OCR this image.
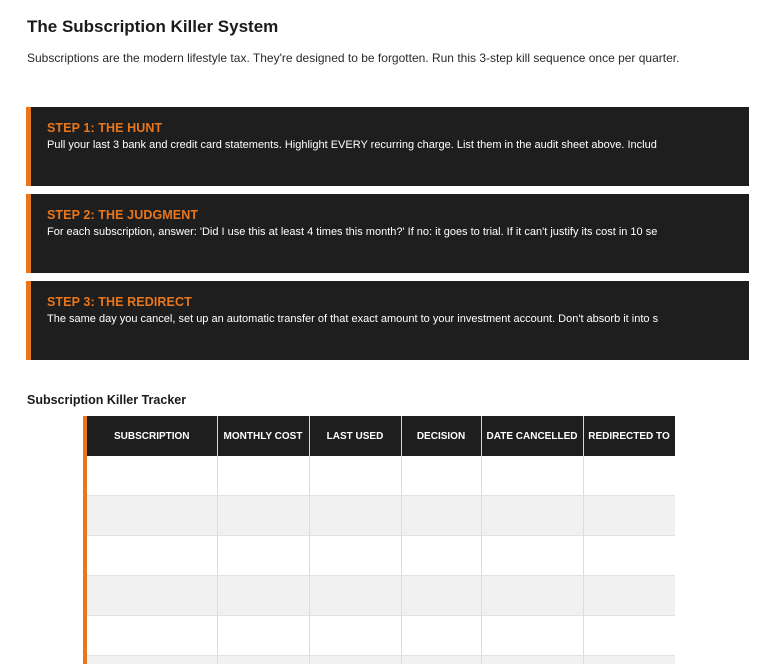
The Subscription Killer System

Subscriptions are the modern lifestyle tax. They're designed to be forgotten. Run this 3-step kill sequence once per quarter.

STEP 1: THE HUNT
Pull your last 3 bank and credit card statements. Highlight EVERY recurring charge. List them in the audit sheet above. Includ
STEP 2: THE JUDGMENT
For each subscription, answer: 'Did I use this at least 4 times this month?' If no: it goes to trial. If it can't justify its cost in 10 se
STEP 3: THE REDIRECT
The same day you cancel, set up an automatic transfer of that exact amount to your investment account. Don't absorb it into s
Subscription Killer Tracker
SUBSCRIPTION	MONTHLY COST	LAST USED	DECISION	DATE CANCELLED	REDIRECTED TO
